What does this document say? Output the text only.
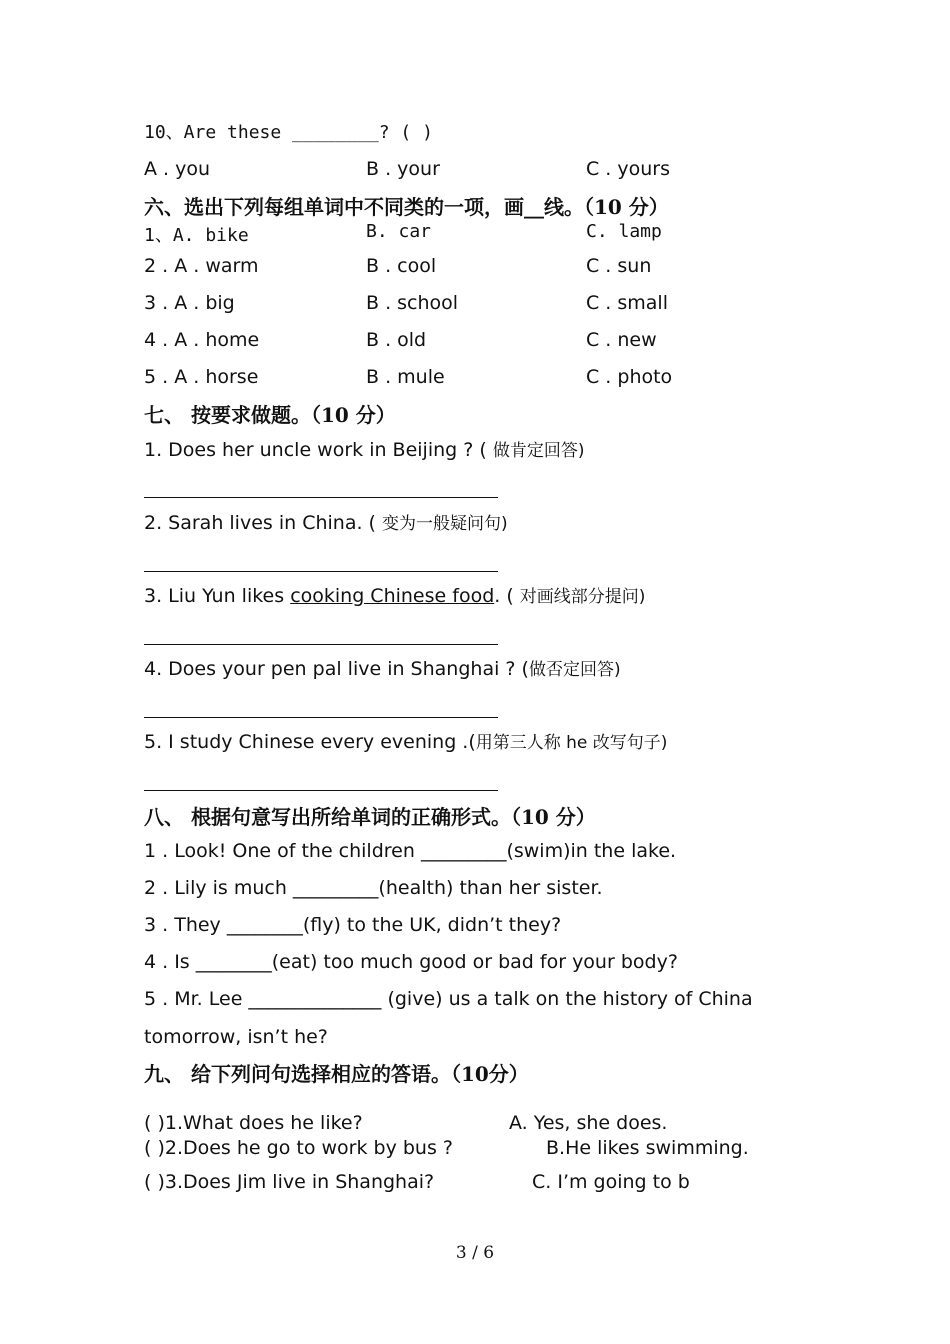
10、Are these ________? ( )
A . you	B . your	C . yours
六、选出下列每组单词中不同类的一项，画__线。（10 分）
1、A. bike	B. car	C. lamp
2 . A . warm	B . cool	C . sun
3 . A . big	B . school	C . small
4 . A . home	B . old	C . new
5 . A . horse	B . mule	C . photo
七、 按要求做题。（10 分）
1. Does her uncle work in Beijing ? ( 做肯定回答)
2. Sarah lives in China. ( 变为一般疑问句)
3. Liu Yun likes cooking Chinese food. ( 对画线部分提问)
4. Does your pen pal live in Shanghai ? (做否定回答)
5. I study Chinese every evening .(用第三人称 he 改写句子)
八、 根据句意写出所给单词的正确形式。（10 分）
1 . Look! One of the children _________(swim)in the lake.
2 . Lily is much _________(health) than her sister.
3 . They ________(fly) to the UK, didn’t they?
4 . Is ________(eat) too much good or bad for your body?
5 . Mr. Lee ______________ (give) us a talk on the history of China
tomorrow, isn’t he?
九、 给下列问句选择相应的答语。（10分）
( )1.What does he like?	A. Yes, she does.
( )2.Does he go to work by bus ?	B.He likes swimming.
( )3.Does Jim live in Shanghai?	C. I’m going to b
3 / 6
